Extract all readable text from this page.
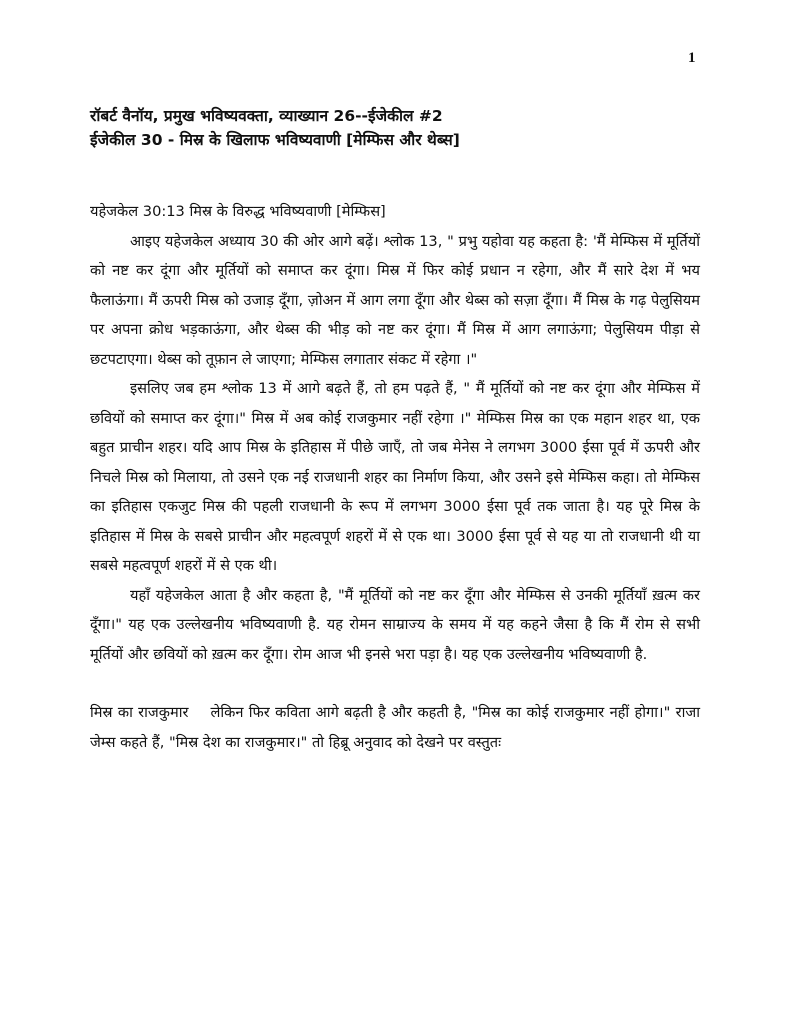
1
रॉबर्ट वैनॉय, प्रमुख भविष्यवक्ता, व्याख्यान 26--ईजेकील #2
ईजेकील 30 - मिस्र के खिलाफ भविष्यवाणी [मेम्फिस और थेब्स]

यहेजकेल 30:13 मिस्र के विरुद्ध भविष्यवाणी [मेम्फिस]

आइए यहेजकेल अध्याय 30 की ओर आगे बढ़ें। श्लोक 13, " प्रभु यहोवा यह कहता है: 'मैं मेम्फिस में मूर्तियों को नष्ट कर दूंगा और मूर्तियों को समाप्त कर दूंगा। मिस्र में फिर कोई प्रधान न रहेगा, और मैं सारे देश में भय फैलाऊंगा। मैं ऊपरी मिस्र को उजाड़ दूँगा, ज़ोअन में आग लगा दूँगा और थेब्स को सज़ा दूँगा। मैं मिस्र के गढ़ पेलुसियम पर अपना क्रोध भड़काऊंगा, और थेब्स की भीड़ को नष्ट कर दूंगा। मैं मिस्र में आग लगाऊंगा; पेलुसियम पीड़ा से छटपटाएगा। थेब्स को तूफ़ान ले जाएगा; मेम्फिस लगातार संकट में रहेगा ।"

इसलिए जब हम श्लोक 13 में आगे बढ़ते हैं, तो हम पढ़ते हैं, " मैं मूर्तियों को नष्ट कर दूंगा और मेम्फिस में छवियों को समाप्त कर दूंगा।" मिस्र में अब कोई राजकुमार नहीं रहेगा ।" मेम्फिस मिस्र का एक महान शहर था, एक बहुत प्राचीन शहर। यदि आप मिस्र के इतिहास में पीछे जाएँ, तो जब मेनेस ने लगभग 3000 ईसा पूर्व में ऊपरी और निचले मिस्र को मिलाया, तो उसने एक नई राजधानी शहर का निर्माण किया, और उसने इसे मेम्फिस कहा। तो मेम्फिस का इतिहास एकजुट मिस्र की पहली राजधानी के रूप में लगभग 3000 ईसा पूर्व तक जाता है। यह पूरे मिस्र के इतिहास में मिस्र के सबसे प्राचीन और महत्वपूर्ण शहरों में से एक था। 3000 ईसा पूर्व से यह या तो राजधानी थी या सबसे महत्वपूर्ण शहरों में से एक थी।

यहाँ यहेजकेल आता है और कहता है, "मैं मूर्तियों को नष्ट कर दूँगा और मेम्फिस से उनकी मूर्तियाँ ख़त्म कर दूँगा।" यह एक उल्लेखनीय भविष्यवाणी है. यह रोमन साम्राज्य के समय में यह कहने जैसा है कि मैं रोम से सभी मूर्तियों और छवियों को ख़त्म कर दूँगा। रोम आज भी इनसे भरा पड़ा है। यह एक उल्लेखनीय भविष्यवाणी है.

मिस्र का राजकुमार लेकिन फिर कविता आगे बढ़ती है और कहती है, "मिस्र का कोई राजकुमार नहीं होगा।" राजा जेम्स कहते हैं, "मिस्र देश का राजकुमार।" तो हिब्रू अनुवाद को देखने पर वस्तुतः
